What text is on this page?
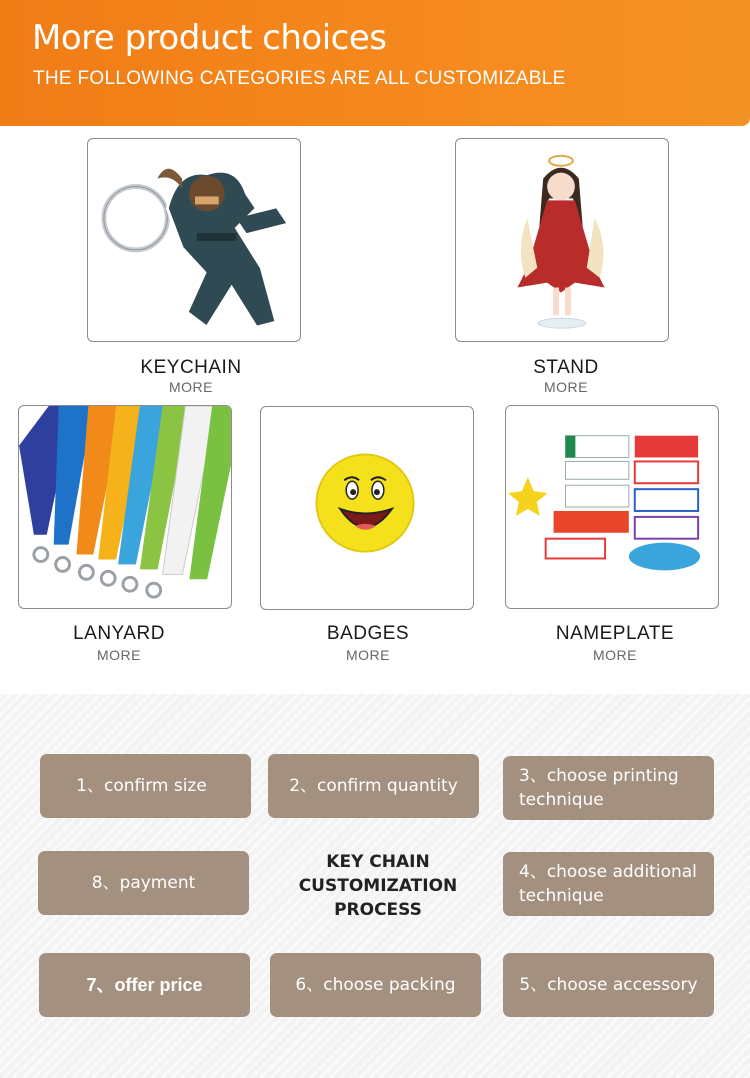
More product choices
THE FOLLOWING CATEGORIES ARE ALL CUSTOMIZABLE
KEYCHAIN
MORE
STAND
MORE
LANYARD
MORE
BADGES
MORE
NAMEPLATE
MORE
1、confirm size	2、confirm quantity	3、choose printing technique
8、payment
KEY CHAIN
CUSTOMIZATION
PROCESS
4、choose additional technique
7、offer price	6、choose packing	5、choose accessory
